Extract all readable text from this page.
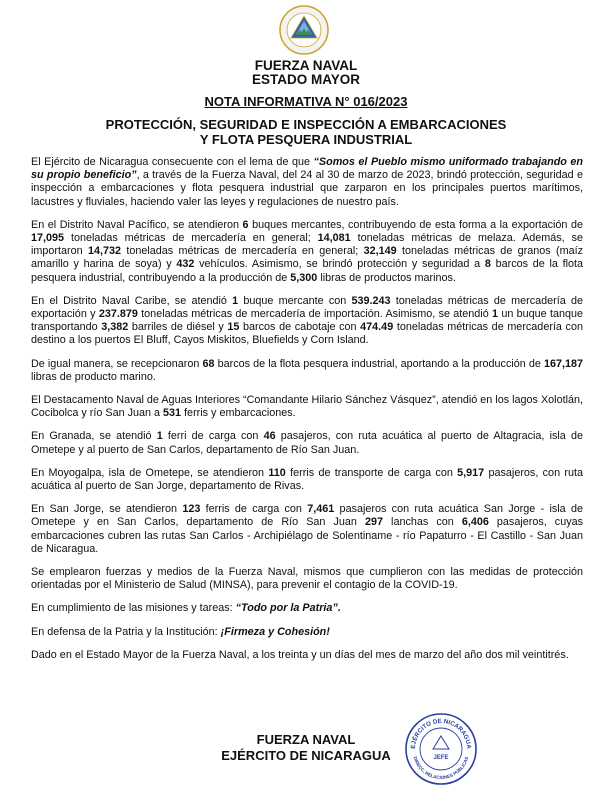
FUERZA NAVAL
ESTADO MAYOR
NOTA INFORMATIVA N° 016/2023
PROTECCIÓN, SEGURIDAD E INSPECCIÓN A EMBARCACIONES
Y FLOTA PESQUERA INDUSTRIAL

El Ejército de Nicaragua consecuente con el lema de que “Somos el Pueblo mismo uniformado trabajando en su propio beneficio”, a través de la Fuerza Naval, del 24 al 30 de marzo de 2023, brindó protección, seguridad e inspección a embarcaciones y flota pesquera industrial que zarparon en los principales puertos marítimos, lacustres y fluviales, haciendo valer las leyes y regulaciones de nuestro país.

En el Distrito Naval Pacífico, se atendieron 6 buques mercantes, contribuyendo de esta forma a la exportación de 17,095 toneladas métricas de mercadería en general; 14,081 toneladas métricas de melaza. Además, se importaron 14,732 toneladas métricas de mercadería en general; 32,149 toneladas métricas de granos (maíz amarillo y harina de soya) y 432 vehículos. Asimismo, se brindó protección y seguridad a 8 barcos de la flota pesquera industrial, contribuyendo a la producción de 5,300 libras de productos marinos.

En el Distrito Naval Caribe, se atendió 1 buque mercante con 539.243 toneladas métricas de mercadería de exportación y 237.879 toneladas métricas de mercadería de importación. Asimismo, se atendió 1 un buque tanque transportando 3,382 barriles de diésel y 15 barcos de cabotaje con 474.49 toneladas métricas de mercadería con destino a los puertos El Bluff, Cayos Miskitos, Bluefields y Corn Island.

De igual manera, se recepcionaron 68 barcos de la flota pesquera industrial, aportando a la producción de 167,187 libras de producto marino.

El Destacamento Naval de Aguas Interiores “Comandante Hilario Sánchez Vásquez”, atendió en los lagos Xolotlán, Cocibolca y río San Juan a 531 ferris y embarcaciones.

En Granada, se atendió 1 ferri de carga con 46 pasajeros, con ruta acuática al puerto de Altagracia, isla de Ometepe y al puerto de San Carlos, departamento de Río San Juan.

En Moyogalpa, isla de Ometepe, se atendieron 110 ferris de transporte de carga con 5,917 pasajeros, con ruta acuática al puerto de San Jorge, departamento de Rivas.

En San Jorge, se atendieron 123 ferris de carga con 7,461 pasajeros con ruta acuática San Jorge - isla de Ometepe y en San Carlos, departamento de Río San Juan 297 lanchas con 6,406 pasajeros, cuyas embarcaciones cubren las rutas San Carlos - Archipiélago de Solentiname - río Papaturro - El Castillo - San Juan de Nicaragua.

Se emplearon fuerzas y medios de la Fuerza Naval, mismos que cumplieron con las medidas de protección orientadas por el Ministerio de Salud (MINSA), para prevenir el contagio de la COVID-19.

En cumplimiento de las misiones y tareas: “Todo por la Patria”.

En defensa de la Patria y la Institución: ¡Firmeza y Cohesión!

Dado en el Estado Mayor de la Fuerza Naval, a los treinta y un días del mes de marzo del año dos mil veintitrés.

FUERZA NAVAL
EJÉRCITO DE NICARAGUA
EJÉRCITO DE NICARAGUA
DIRECC. RELACIONES PÚBLICAS
JEFE
